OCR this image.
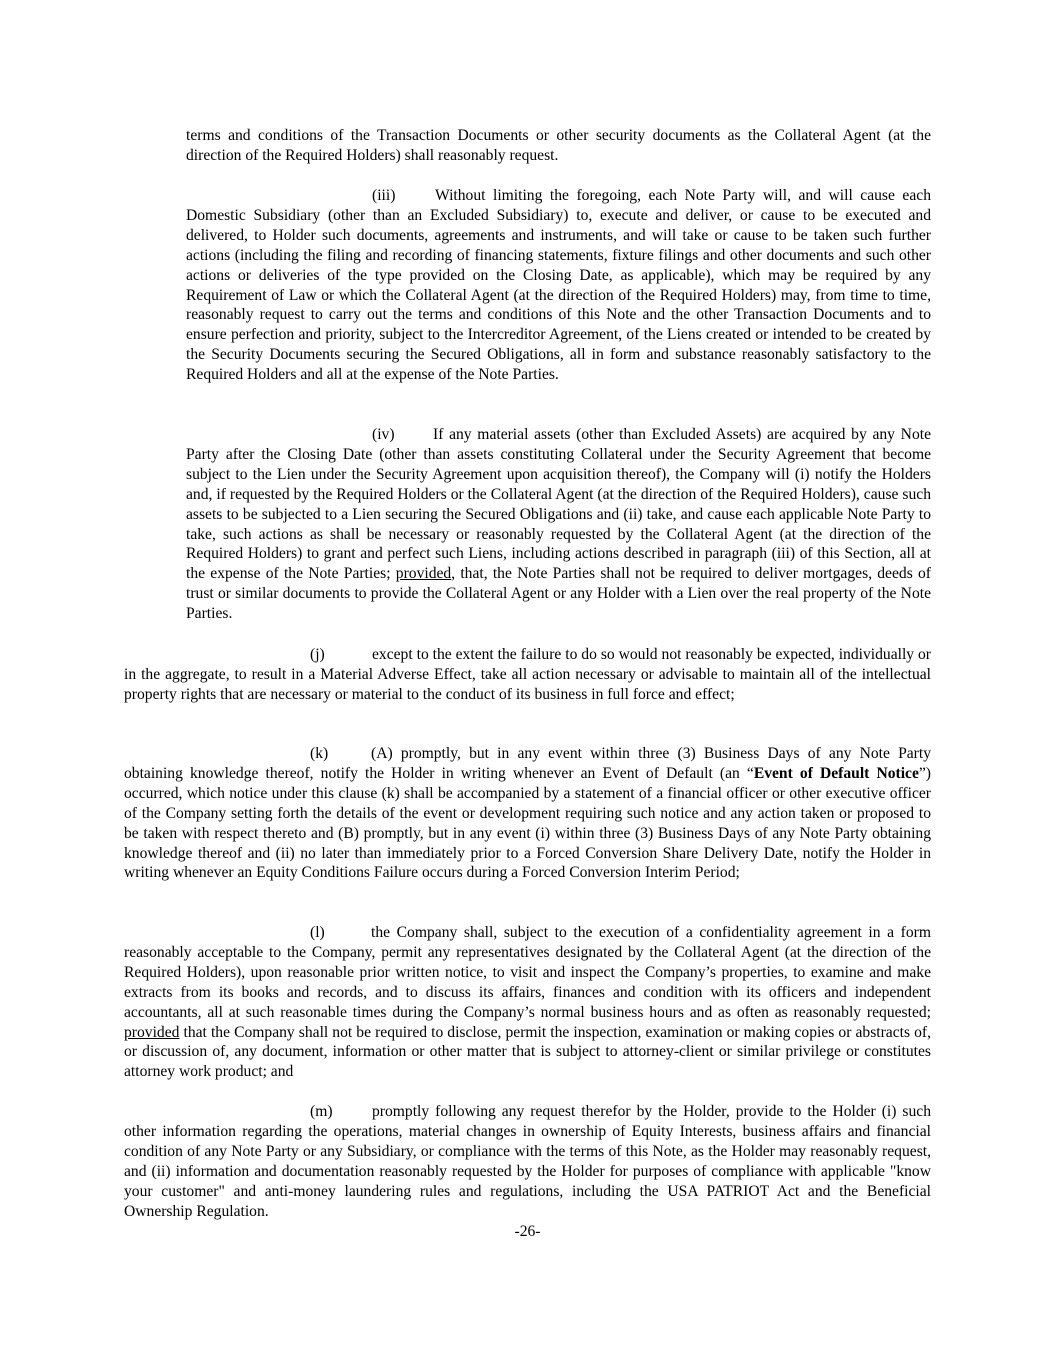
terms and conditions of the Transaction Documents or other security documents as the Collateral Agent (at the direction of the Required Holders) shall reasonably request.

(iii)	Without limiting the foregoing, each Note Party will, and will cause each Domestic Subsidiary (other than an Excluded Subsidiary) to, execute and deliver, or cause to be executed and delivered, to Holder such documents, agreements and instruments, and will take or cause to be taken such further actions (including the filing and recording of financing statements, fixture filings and other documents and such other actions or deliveries of the type provided on the Closing Date, as applicable), which may be required by any Requirement of Law or which the Collateral Agent (at the direction of the Required Holders) may, from time to time, reasonably request to carry out the terms and conditions of this Note and the other Transaction Documents and to ensure perfection and priority, subject to the Intercreditor Agreement, of the Liens created or intended to be created by the Security Documents securing the Secured Obligations, all in form and substance reasonably satisfactory to the Required Holders and all at the expense of the Note Parties.

(iv) If any material assets (other than Excluded Assets) are acquired by any Note Party after the Closing Date (other than assets constituting Collateral under the Security Agreement that become subject to the Lien under the Security Agreement upon acquisition thereof), the Company will (i) notify the Holders and, if requested by the Required Holders or the Collateral Agent (at the direction of the Required Holders), cause such assets to be subjected to a Lien securing the Secured Obligations and (ii) take, and cause each applicable Note Party to take, such actions as shall be necessary or reasonably requested by the Collateral Agent (at the direction of the Required Holders) to grant and perfect such Liens, including actions described in paragraph (iii) of this Section, all at the expense of the Note Parties; provided, that, the Note Parties shall not be required to deliver mortgages, deeds of trust or similar documents to provide the Collateral Agent or any Holder with a Lien over the real property of the Note Parties.

(j)	except to the extent the failure to do so would not reasonably be expected, individually or in the aggregate, to result in a Material Adverse Effect, take all action necessary or advisable to maintain all of the intellectual property rights that are necessary or material to the conduct of its business in full force and effect;

(k)	(A) promptly, but in any event within three (3) Business Days of any Note Party obtaining knowledge thereof, notify the Holder in writing whenever an Event of Default (an “Event of Default Notice”) occurred, which notice under this clause (k) shall be accompanied by a statement of a financial officer or other executive officer of the Company setting forth the details of the event or development requiring such notice and any action taken or proposed to be taken with respect thereto and (B) promptly, but in any event (i) within three (3) Business Days of any Note Party obtaining knowledge thereof and (ii) no later than immediately prior to a Forced Conversion Share Delivery Date, notify the Holder in writing whenever an Equity Conditions Failure occurs during a Forced Conversion Interim Period;

(l)	the Company shall, subject to the execution of a confidentiality agreement in a form reasonably acceptable to the Company, permit any representatives designated by the Collateral Agent (at the direction of the Required Holders), upon reasonable prior written notice, to visit and inspect the Company’s properties, to examine and make extracts from its books and records, and to discuss its affairs, finances and condition with its officers and independent accountants, all at such reasonable times during the Company’s normal business hours and as often as reasonably requested; provided that the Company shall not be required to disclose, permit the inspection, examination or making copies or abstracts of, or discussion of, any document, information or other matter that is subject to attorney-client or similar privilege or constitutes attorney work product; and

(m)	promptly following any request therefor by the Holder, provide to the Holder (i) such other information regarding the operations, material changes in ownership of Equity Interests, business affairs and financial condition of any Note Party or any Subsidiary, or compliance with the terms of this Note, as the Holder may reasonably request, and (ii) information and documentation reasonably requested by the Holder for purposes of compliance with applicable "know your customer" and anti-money laundering rules and regulations, including the USA PATRIOT Act and the Beneficial Ownership Regulation.

-26-
